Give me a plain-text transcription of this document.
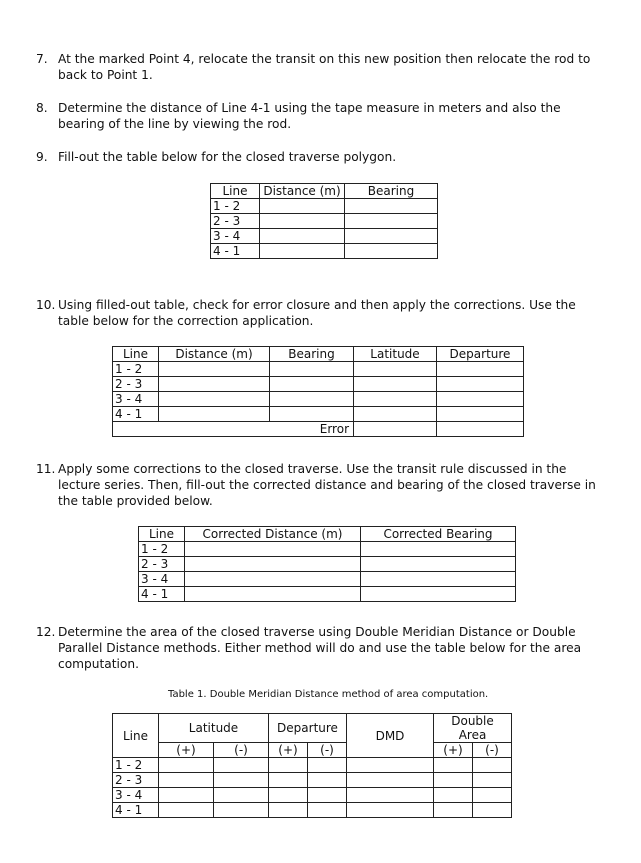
7. At the marked Point 4, relocate the transit on this new position then relocate the rod to back to Point 1.
8. Determine the distance of Line 4-1 using the tape measure in meters and also the bearing of the line by viewing the rod.
9. Fill-out the table below for the closed traverse polygon.
Line	Distance (m)	Bearing
1 - 2		
2 - 3		
3 - 4		
4 - 1		
10. Using filled-out table, check for error closure and then apply the corrections. Use the table below for the correction application.
Line	Distance (m)	Bearing	Latitude	Departure
1 - 2				
2 - 3				
3 - 4				
4 - 1				
Error				
11. Apply some corrections to the closed traverse. Use the transit rule discussed in the lecture series. Then, fill-out the corrected distance and bearing of the closed traverse in the table provided below.
Line	Corrected Distance (m)	Corrected Bearing
1 - 2		
2 - 3		
3 - 4		
4 - 1		
12. Determine the area of the closed traverse using Double Meridian Distance or Double Parallel Distance methods. Either method will do and use the table below for the area computation.
Table 1. Double Meridian Distance method of area computation.
Line	Latitude		Departure		DMD	Double Area	
	(+)	(-)	(+)	(-)		(+)	(-)
1 - 2							
2 - 3							
3 - 4							
4 - 1							
